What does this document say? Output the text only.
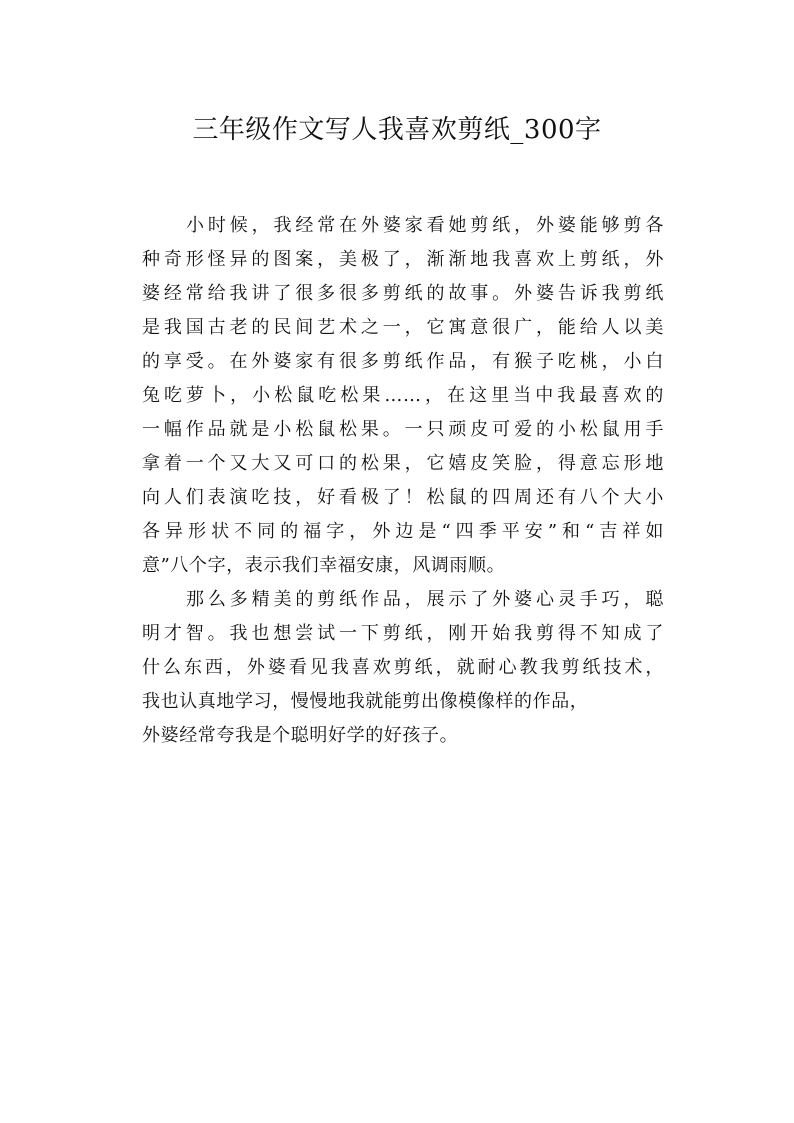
三年级作文写人我喜欢剪纸_300字
小时候，我经常在外婆家看她剪纸，外婆能够剪各
种奇形怪异的图案，美极了，渐渐地我喜欢上剪纸，外
婆经常给我讲了很多很多剪纸的故事。外婆告诉我剪纸
是我国古老的民间艺术之一，它寓意很广，能给人以美
的享受。在外婆家有很多剪纸作品，有猴子吃桃，小白
兔吃萝卜，小松鼠吃松果……，在这里当中我最喜欢的
一幅作品就是小松鼠松果。一只顽皮可爱的小松鼠用手
拿着一个又大又可口的松果，它嬉皮笑脸，得意忘形地
向人们表演吃技，好看极了！松鼠的四周还有八个大小
各异形状不同的福字，外边是“四季平安”和“吉祥如
意”八个字，表示我们幸福安康，风调雨顺。
那么多精美的剪纸作品，展示了外婆心灵手巧，聪
明才智。我也想尝试一下剪纸，刚开始我剪得不知成了
什么东西，外婆看见我喜欢剪纸，就耐心教我剪纸技术，
我也认真地学习，慢慢地我就能剪出像模像样的作品，
外婆经常夸我是个聪明好学的好孩子。
